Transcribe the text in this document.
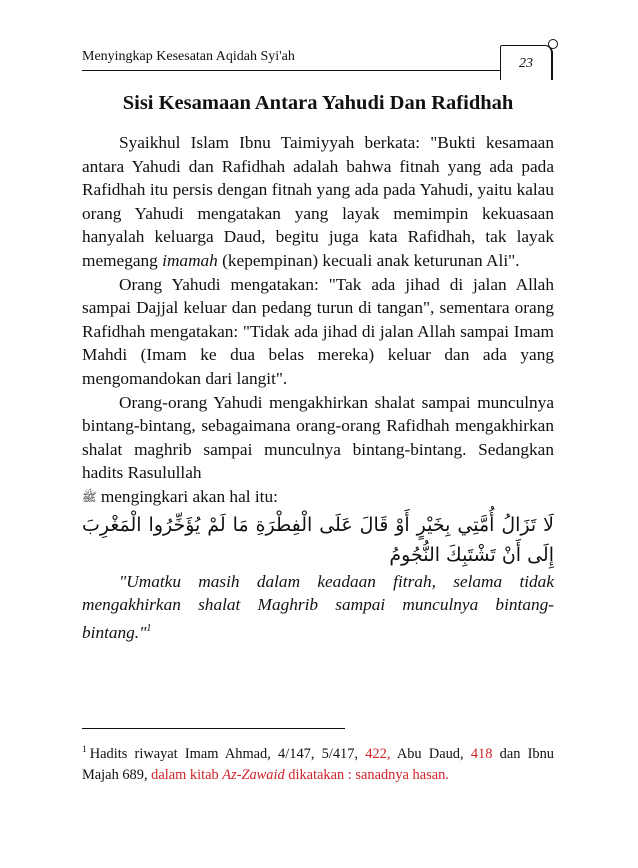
Menyingkap Kesesatan Aqidah Syi'ah	23
Sisi Kesamaan Antara Yahudi Dan Rafidhah

Syaikhul Islam Ibnu Taimiyyah berkata: "Bukti kesamaan antara Yahudi dan Rafidhah adalah bahwa fitnah yang ada pada Rafidhah itu persis dengan fitnah yang ada pada Yahudi, yaitu kalau orang Yahudi mengatakan yang layak memimpin kekuasaan hanyalah keluarga Daud, begitu juga kata Rafidhah, tak layak memegang imamah (kepempinan) kecuali anak keturunan Ali".

Orang Yahudi mengatakan: "Tak ada jihad di jalan Allah sampai Dajjal keluar dan pedang turun di tangan", sementara orang Rafidhah mengatakan: "Tidak ada jihad di jalan Allah sampai Imam Mahdi (Imam ke dua belas mereka) keluar dan ada yang mengomandokan dari langit".

Orang-orang Yahudi mengakhirkan shalat sampai munculnya bintang-bintang, sebagaimana orang-orang Rafidhah mengakhirkan shalat maghrib sampai munculnya bintang-bintang. Sedangkan hadits Rasulullah
ﷺ mengingkari akan hal itu:

لَا تَزَالُ أُمَّتِي بِخَيْرٍ أَوْ قَالَ عَلَى الْفِطْرَةِ مَا لَمْ يُؤَخِّرُوا الْمَغْرِبَ إِلَى أَنْ تَشْتَبِكَ النُّجُومُ

"Umatku masih dalam keadaan fitrah, selama tidak mengakhirkan shalat Maghrib sampai munculnya bintang-bintang."$^1$

$^1$ Hadits riwayat Imam Ahmad, 4/147, 5/417, 422, Abu Daud, 418 dan Ibnu Majah 689, dalam kitab Az-Zawaid dikatakan : sanadnya hasan.
